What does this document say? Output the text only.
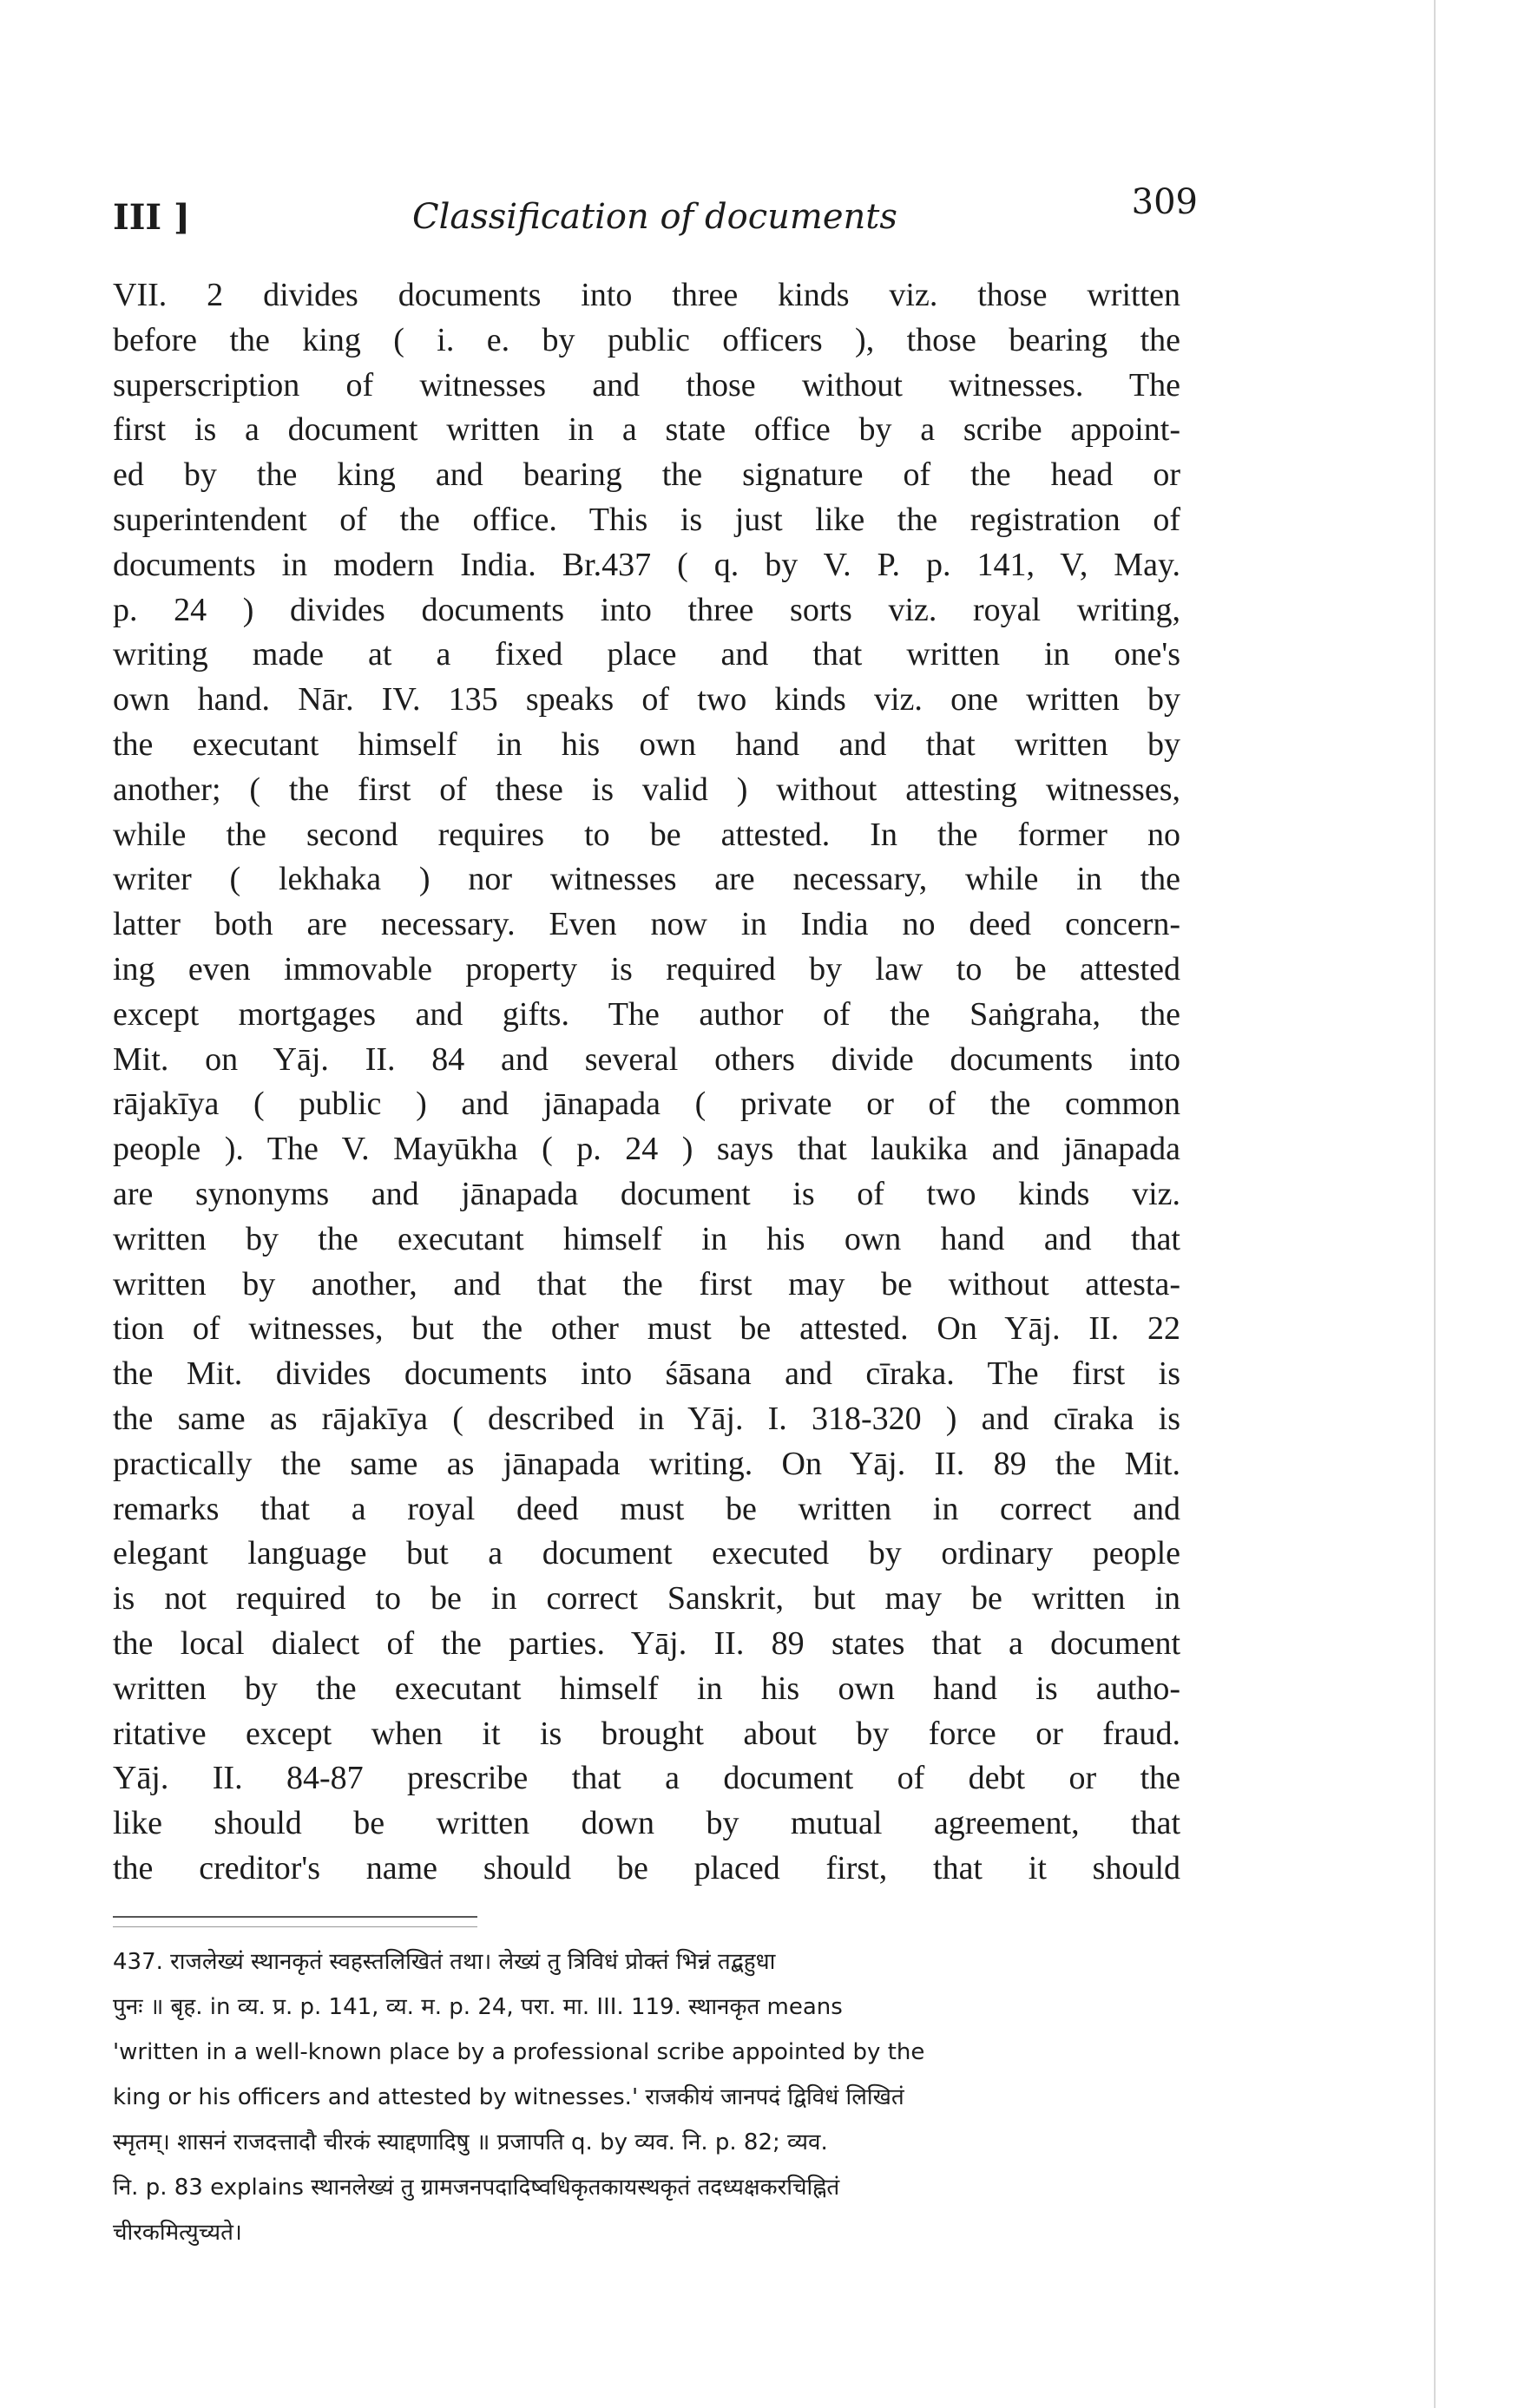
III ]	Classification of documents	309
VII. 2 divides documents into three kinds viz. those written
before the king ( i. e. by public officers ), those bearing the
superscription of witnesses and those without witnesses. The
first is a document written in a state office by a scribe appoint-
ed by the king and bearing the signature of the head or
superintendent of the office. This is just like the registration of
documents in modern India. Br.437 ( q. by V. P. p. 141, V, May.
p. 24 ) divides documents into three sorts viz. royal writing,
writing made at a fixed place and that written in one's
own hand. Nār. IV. 135 speaks of two kinds viz. one written by
the executant himself in his own hand and that written by
another; ( the first of these is valid ) without attesting witnesses,
while the second requires to be attested. In the former no
writer ( lekhaka ) nor witnesses are necessary, while in the
latter both are necessary. Even now in India no deed concern-
ing even immovable property is required by law to be attested
except mortgages and gifts. The author of the Saṅgraha, the
Mit. on Yāj. II. 84 and several others divide documents into
rājakīya ( public ) and jānapada ( private or of the common
people ). The V. Mayūkha ( p. 24 ) says that laukika and jānapada
are synonyms and jānapada document is of two kinds viz.
written by the executant himself in his own hand and that
written by another, and that the first may be without attesta-
tion of witnesses, but the other must be attested. On Yāj. II. 22
the Mit. divides documents into śāsana and cīraka. The first is
the same as rājakīya ( described in Yāj. I. 318-320 ) and cīraka is
practically the same as jānapada writing. On Yāj. II. 89 the Mit.
remarks that a royal deed must be written in correct and
elegant language but a document executed by ordinary people
is not required to be in correct Sanskrit, but may be written in
the local dialect of the parties. Yāj. II. 89 states that a document
written by the executant himself in his own hand is autho-
ritative except when it is brought about by force or fraud.
Yāj. II. 84-87 prescribe that a document of debt or the
like should be written down by mutual agreement, that
the creditor's name should be placed first, that it should
437. राजलेख्यं स्थानकृतं स्वहस्तलिखितं तथा। लेख्यं तु त्रिविधं प्रोक्तं भिन्नं तद्बहुधा
पुनः ॥ बृह. in व्य. प्र. p. 141, व्य. म. p. 24, परा. मा. III. 119. स्थानकृत means
'written in a well-known place by a professional scribe appointed by the
king or his officers and attested by witnesses.' राजकीयं जानपदं द्विविधं लिखितं
स्मृतम्। शासनं राजदत्तादौ चीरकं स्याद्दणादिषु ॥ प्रजापति q. by व्यव. नि. p. 82; व्यव.
नि. p. 83 explains स्थानलेख्यं तु ग्रामजनपदादिष्वधिकृतकायस्थकृतं तदध्यक्षकरचिह्नितं
चीरकमित्युच्यते।
